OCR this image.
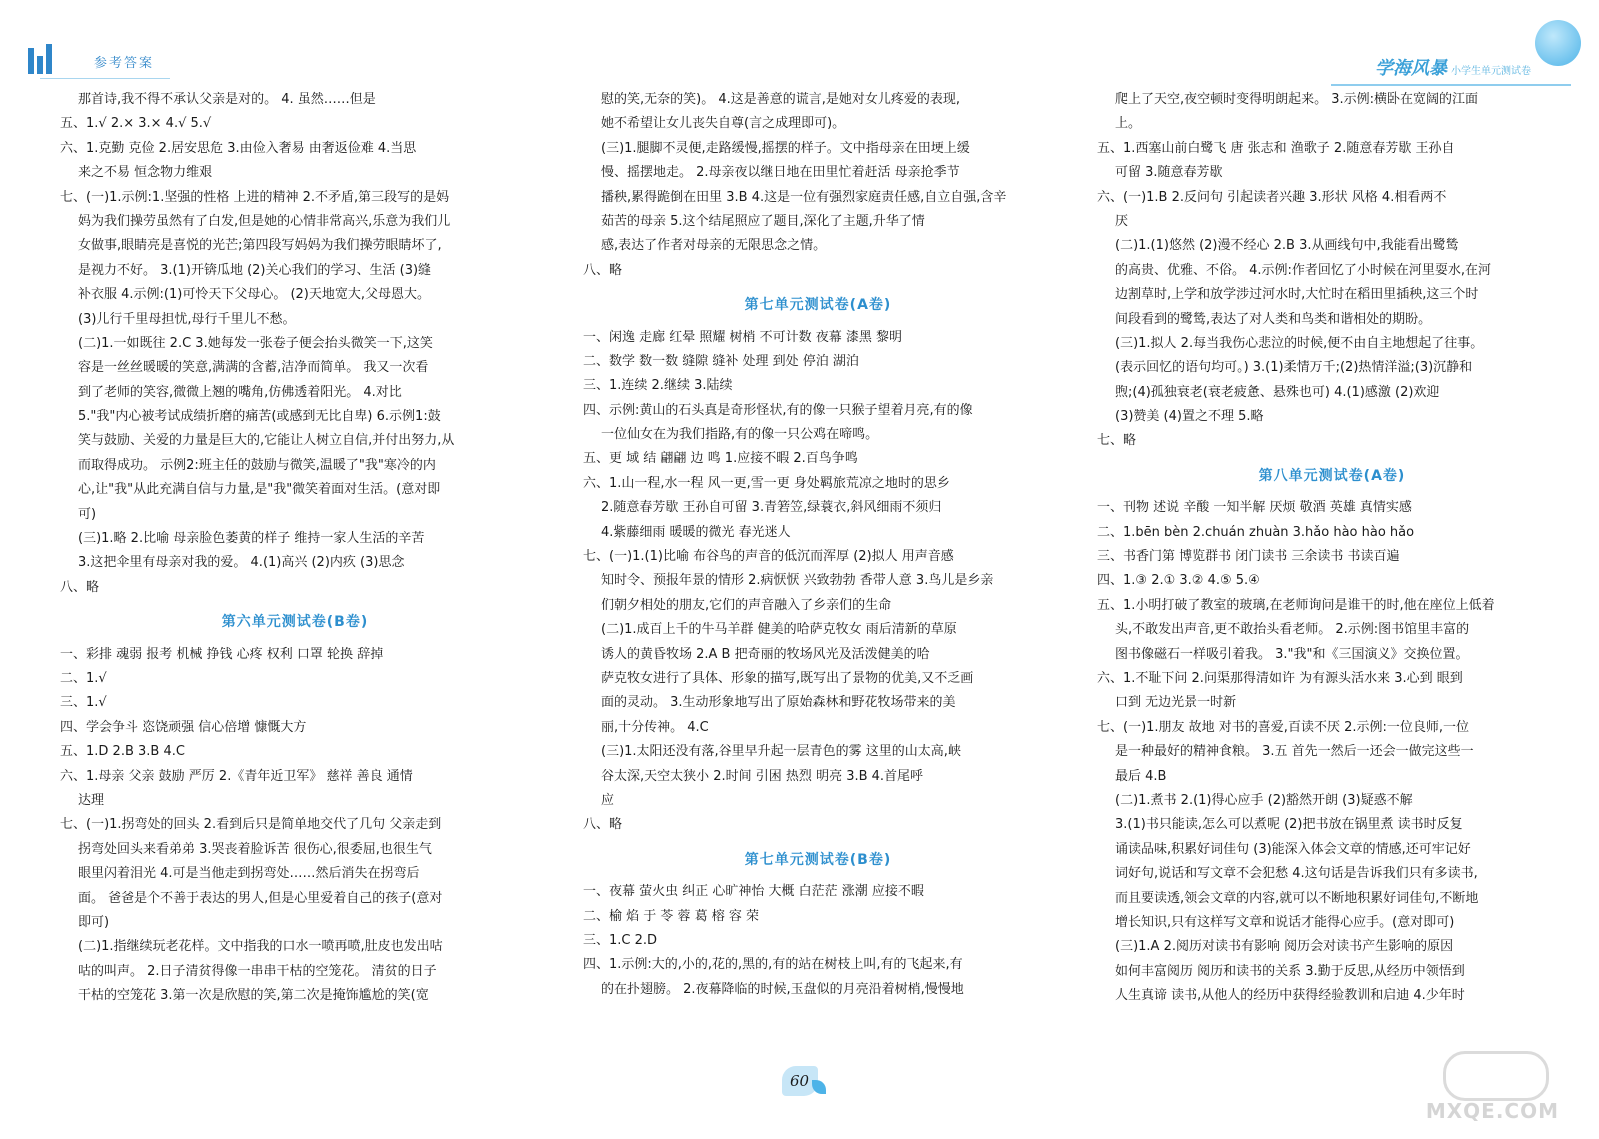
参考答案	学海风暴 小学生单元测试卷
那首诗,我不得不承认父亲是对的。 4. 虽然……但是
五、1.√ 2.× 3.× 4.√ 5.√
六、1.克勤 克俭 2.居安思危 3.由俭入奢易 由奢返俭难 4.当思
来之不易 恒念物力维艰
七、(一)1.示例:1.坚强的性格 上进的精神 2.不矛盾,第三段写的是妈
妈为我们操劳虽然有了白发,但是她的心情非常高兴,乐意为我们儿
女做事,眼睛亮是喜悦的光芒;第四段写妈妈为我们操劳眼睛坏了,
是视力不好。 3.(1)开锛瓜地 (2)关心我们的学习、生活 (3)缝
补衣服 4.示例:(1)可怜天下父母心。 (2)天地宽大,父母恩大。
(3)儿行千里母担忧,母行千里儿不愁。
(二)1.一如既往 2.C 3.她每发一张卷子便会抬头微笑一下,这笑
容是一丝丝暖暖的笑意,满满的含蓄,洁净而简单。 我又一次看
到了老师的笑容,微微上翘的嘴角,仿佛透着阳光。 4.对比
5."我"内心被考试成绩折磨的痛苦(或感到无比自卑) 6.示例1:鼓
笑与鼓励、关爱的力量是巨大的,它能让人树立自信,并付出努力,从
而取得成功。 示例2:班主任的鼓励与微笑,温暖了"我"寒冷的内
心,让"我"从此充满自信与力量,是"我"微笑着面对生活。(意对即
可)
(三)1.略 2.比喻 母亲脸色萎黄的样子 维持一家人生活的辛苦
3.这把伞里有母亲对我的爱。 4.(1)高兴 (2)内疚 (3)思念
八、略
第六单元测试卷(B卷)
一、彩排 魂弱 报考 机械 挣钱 心疼 权利 口罩 轮换 辞掉
二、1.√
三、1.√
四、学会争斗 恣饶顽强 信心倍增 慷慨大方
五、1.D 2.B 3.B 4.C
六、1.母亲 父亲 鼓励 严厉 2.《青年近卫军》 慈祥 善良 通情
达理
七、(一)1.拐弯处的回头 2.看到后只是简单地交代了几句 父亲走到
拐弯处回头来看弟弟 3.哭丧着脸诉苦 很伤心,很委屈,也很生气
眼里闪着泪光 4.可是当他走到拐弯处……然后消失在拐弯后
面。 爸爸是个不善于表达的男人,但是心里爱着自己的孩子(意对
即可)
(二)1.指继续玩老花样。文中指我的口水一喷再喷,肚皮也发出咕
咕的叫声。 2.日子清贫得像一串串干枯的空笼花。 清贫的日子
干枯的空笼花 3.第一次是欣慰的笑,第二次是掩饰尴尬的笑(宽
慰的笑,无奈的笑)。 4.这是善意的谎言,是她对女儿疼爱的表现,
她不希望让女儿丧失自尊(言之成理即可)。
(三)1.腿脚不灵便,走路缓慢,摇摆的样子。文中指母亲在田埂上缓
慢、摇摆地走。 2.母亲夜以继日地在田里忙着赶活 母亲抢季节
播秧,累得跪倒在田里 3.B 4.这是一位有强烈家庭责任感,自立自强,含辛
茹苦的母亲 5.这个结尾照应了题目,深化了主题,升华了情
感,表达了作者对母亲的无限思念之情。
八、略
第七单元测试卷(A卷)
一、闲逸 走廊 红晕 照耀 树梢 不可计数 夜幕 漆黑 黎明
二、数学 数一数 缝隙 缝补 处理 到处 停泊 湖泊
三、1.连续 2.继续 3.陆续
四、示例:黄山的石头真是奇形怪状,有的像一只猴子望着月亮,有的像
一位仙女在为我们指路,有的像一只公鸡在啼鸣。
五、更 域 结 翩翩 边 鸣 1.应接不暇 2.百鸟争鸣
六、1.山一程,水一程 风一更,雪一更 身处羁旅荒凉之地时的思乡
2.随意春芳歇 王孙自可留 3.青箬笠,绿蓑衣,斜风细雨不须归
4.紫藤细雨 暖暖的微光 春光迷人
七、(一)1.(1)比喻 布谷鸟的声音的低沉而浑厚 (2)拟人 用声音感
知时令、预报年景的情形 2.病恹恹 兴致勃勃 香带人意 3.鸟儿是乡亲
们朝夕相处的朋友,它们的声音融入了乡亲们的生命
(二)1.成百上千的牛马羊群 健美的哈萨克牧女 雨后清新的草原
诱人的黄昏牧场 2.A B 把奇丽的牧场风光及活泼健美的哈
萨克牧女进行了具体、形象的描写,既写出了景物的优美,又不乏画
面的灵动。 3.生动形象地写出了原始森林和野花牧场带来的美
丽,十分传神。 4.C
(三)1.太阳还没有落,谷里早升起一层青色的雾 这里的山太高,峡
谷太深,天空太狭小 2.时间 引困 热烈 明亮 3.B 4.首尾呼
应
八、略
第七单元测试卷(B卷)
一、夜幕 萤火虫 纠正 心旷神怡 大概 白茫茫 涨潮 应接不暇
二、榆 焰 于 苓 蓉 葛 榕 容 荣
三、1.C 2.D
四、1.示例:大的,小的,花的,黑的,有的站在树枝上叫,有的飞起来,有
的在扑翅膀。 2.夜幕降临的时候,玉盘似的月亮沿着树梢,慢慢地
爬上了天空,夜空顿时变得明朗起来。 3.示例:横卧在宽阔的江面
上。
五、1.西塞山前白鹭飞 唐 张志和 渔歌子 2.随意春芳歇 王孙自
可留 3.随意春芳歇
六、(一)1.B 2.反问句 引起读者兴趣 3.形状 风格 4.相看两不
厌
(二)1.(1)悠然 (2)漫不经心 2.B 3.从画线句中,我能看出鹭鸶
的高贵、优雅、不俗。 4.示例:作者回忆了小时候在河里耍水,在河
边割草时,上学和放学涉过河水时,大忙时在稻田里插秧,这三个时
间段看到的鹭鸶,表达了对人类和鸟类和谐相处的期盼。
(三)1.拟人 2.每当我伤心悲泣的时候,便不由自主地想起了往事。
(表示回忆的语句均可。) 3.(1)柔情万千;(2)热情洋溢;(3)沉静和
煦;(4)孤独衰老(衰老疲惫、悬殊也可) 4.(1)感激 (2)欢迎
(3)赞美 (4)置之不理 5.略
七、略
第八单元测试卷(A卷)
一、刊物 述说 辛酸 一知半解 厌烦 敬酒 英雄 真情实感
二、1.bēn bèn 2.chuán zhuàn 3.hǎo hào hào hǎo
三、书香门第 博览群书 闭门读书 三余读书 书读百遍
四、1.③ 2.① 3.② 4.⑤ 5.④
五、1.小明打破了教室的玻璃,在老师询问是谁干的时,他在座位上低着
头,不敢发出声音,更不敢抬头看老师。 2.示例:图书馆里丰富的
图书像磁石一样吸引着我。 3."我"和《三国演义》交换位置。
六、1.不耻下问 2.问渠那得清如许 为有源头活水来 3.心到 眼到
口到 无边光景一时新
七、(一)1.朋友 故地 对书的喜爱,百读不厌 2.示例:一位良师,一位
是一种最好的精神食粮。 3.五 首先一然后一还会一做完这些一
最后 4.B
(二)1.煮书 2.(1)得心应手 (2)豁然开朗 (3)疑惑不解
3.(1)书只能读,怎么可以煮呢 (2)把书放在锅里煮 读书时反复
诵读品味,积累好词佳句 (3)能深入体会文章的情感,还可牢记好
词好句,说话和写文章不会犯愁 4.这句话是告诉我们只有多读书,
而且要读透,领会文章的内容,就可以不断地积累好词佳句,不断地
增长知识,只有这样写文章和说话才能得心应手。(意对即可)
(三)1.A 2.阅历对读书有影响 阅历会对读书产生影响的原因
如何丰富阅历 阅历和读书的关系 3.勤于反思,从经历中领悟到
人生真谛 读书,从他人的经历中获得经验教训和启迪 4.少年时
60
MXQE.COM
